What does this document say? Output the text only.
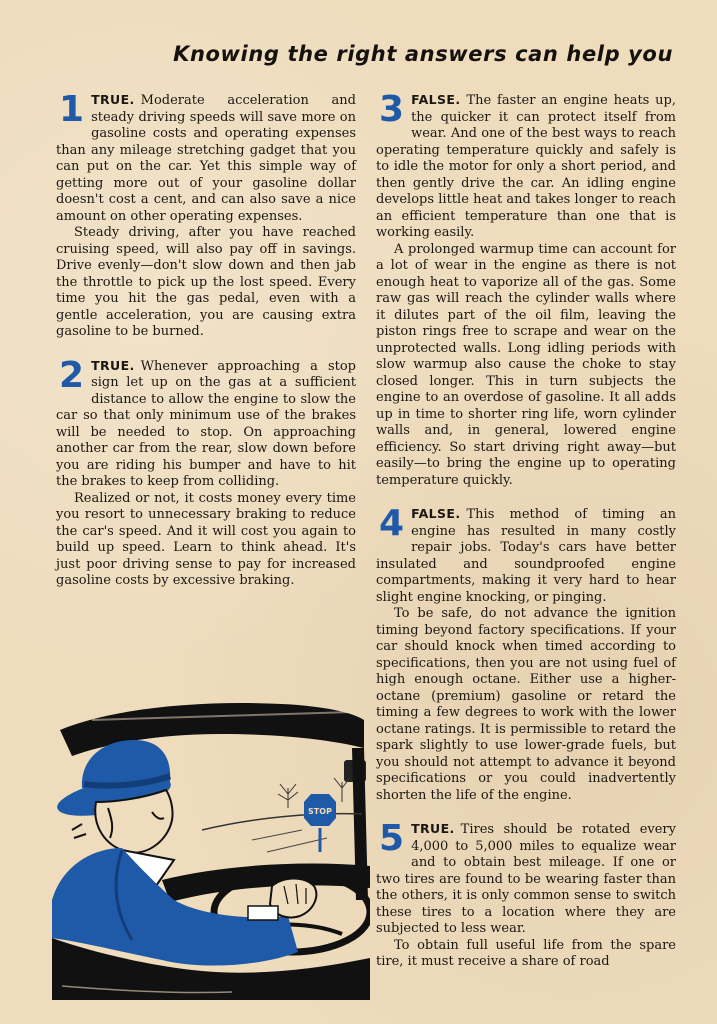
Knowing the right answers can help you

1 TRUE. Moderate acceleration and steady driving speeds will save more on gasoline costs and operating expenses than any mileage stretching gadget that you can put on the car. Yet this simple way of getting more out of your gasoline dollar doesn't cost a cent, and can also save a nice amount on other operating expenses.

Steady driving, after you have reached cruising speed, will also pay off in savings. Drive evenly—don't slow down and then jab the throttle to pick up the lost speed. Every time you hit the gas pedal, even with a gentle acceleration, you are causing extra gasoline to be burned.

2 TRUE. Whenever approaching a stop sign let up on the gas at a sufficient distance to allow the engine to slow the car so that only minimum use of the brakes will be needed to stop. On approaching another car from the rear, slow down before you are riding his bumper and have to hit the brakes to keep from colliding.

Realized or not, it costs money every time you resort to unnecessary braking to reduce the car's speed. And it will cost you again to build up speed. Learn to think ahead. It's just poor driving sense to pay for increased gasoline costs by excessive braking.

3 FALSE. The faster an engine heats up, the quicker it can protect itself from wear. And one of the best ways to reach operating temperature quickly and safely is to idle the motor for only a short period, and then gently drive the car. An idling engine develops little heat and takes longer to reach an efficient temperature than one that is working easily.

A prolonged warmup time can account for a lot of wear in the engine as there is not enough heat to vaporize all of the gas. Some raw gas will reach the cylinder walls where it dilutes part of the oil film, leaving the piston rings free to scrape and wear on the unprotected walls. Long idling periods with slow warmup also cause the choke to stay closed longer. This in turn subjects the engine to an overdose of gasoline. It all adds up in time to shorter ring life, worn cylinder walls and, in general, lowered engine efficiency. So start driving right away—but easily—to bring the engine up to operating temperature quickly.

4 FALSE. This method of timing an engine has resulted in many costly repair jobs. Today's cars have better insulated and soundproofed engine compartments, making it very hard to hear slight engine knocking, or pinging.

To be safe, do not advance the ignition timing beyond factory specifications. If your car should knock when timed according to specifications, then you are not using fuel of high enough octane. Either use a higher-octane (premium) gasoline or retard the timing a few degrees to work with the lower octane ratings. It is permissible to retard the spark slightly to use lower-grade fuels, but you should not attempt to advance it beyond specifications or you could inadvertently shorten the life of the engine.

5 TRUE. Tires should be rotated every 4,000 to 5,000 miles to equalize wear and to obtain best mileage. If one or two tires are found to be wearing faster than the others, it is only common sense to switch these tires to a location where they are subjected to less wear.

To obtain full useful life from the spare tire, it must receive a share of road

STOP
